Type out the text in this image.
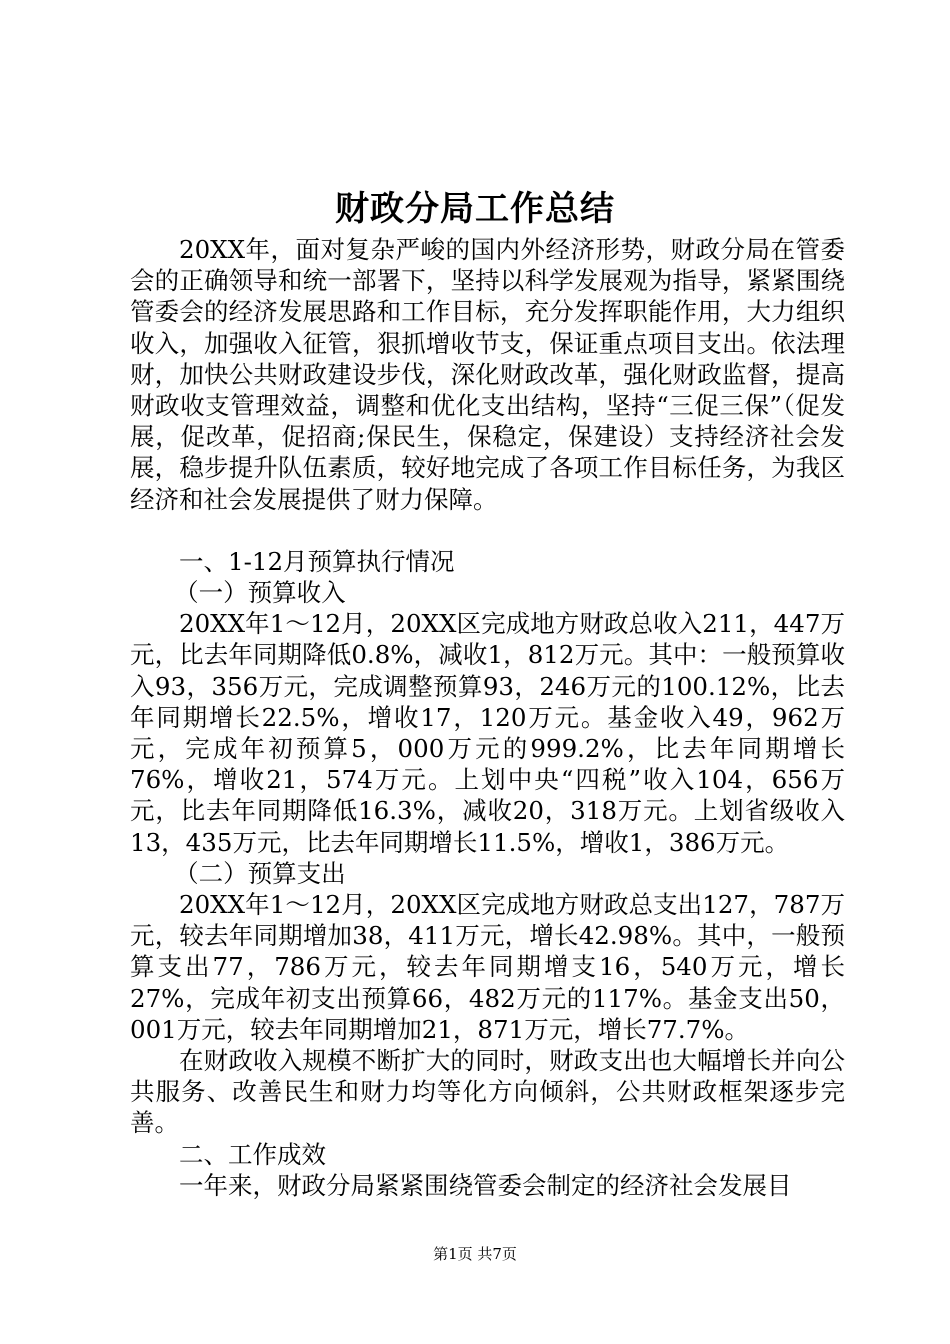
财政分局工作总结

20XX年，面对复杂严峻的国内外经济形势，财政分局在管委会的正确领导和统一部署下，坚持以科学发展观为指导，紧紧围绕管委会的经济发展思路和工作目标，充分发挥职能作用，大力组织收入，加强收入征管，狠抓增收节支，保证重点项目支出。依法理财，加快公共财政建设步伐，深化财政改革，强化财政监督，提高财政收支管理效益，调整和优化支出结构，坚持“三促三保”（促发展，促改革，促招商;保民生，保稳定，保建设）支持经济社会发展，稳步提升队伍素质，较好地完成了各项工作目标任务，为我区经济和社会发展提供了财力保障。

一、1-12月预算执行情况

（一）预算收入

20XX年1～12月，20XX区完成地方财政总收入211，447万元，比去年同期降低0.8%，减收1，812万元。其中：一般预算收入93，356万元，完成调整预算93，246万元的100.12%，比去年同期增长22.5%，增收17，120万元。基金收入49，962万元，完成年初预算5，000万元的999.2%，比去年同期增长76%，增收21，574万元。上划中央“四税”收入104，656万元，比去年同期降低16.3%，减收20，318万元。上划省级收入13，435万元，比去年同期增长11.5%，增收1，386万元。

（二）预算支出

20XX年1～12月，20XX区完成地方财政总支出127，787万元，较去年同期增加38，411万元，增长42.98%。其中，一般预算支出77，786万元，较去年同期增支16，540万元，增长27%，完成年初支出预算66，482万元的117%。基金支出50，001万元，较去年同期增加21，871万元，增长77.7%。

在财政收入规模不断扩大的同时，财政支出也大幅增长并向公共服务、改善民生和财力均等化方向倾斜，公共财政框架逐步完善。

二、工作成效

一年来，财政分局紧紧围绕管委会制定的经济社会发展目

第1页 共7页
